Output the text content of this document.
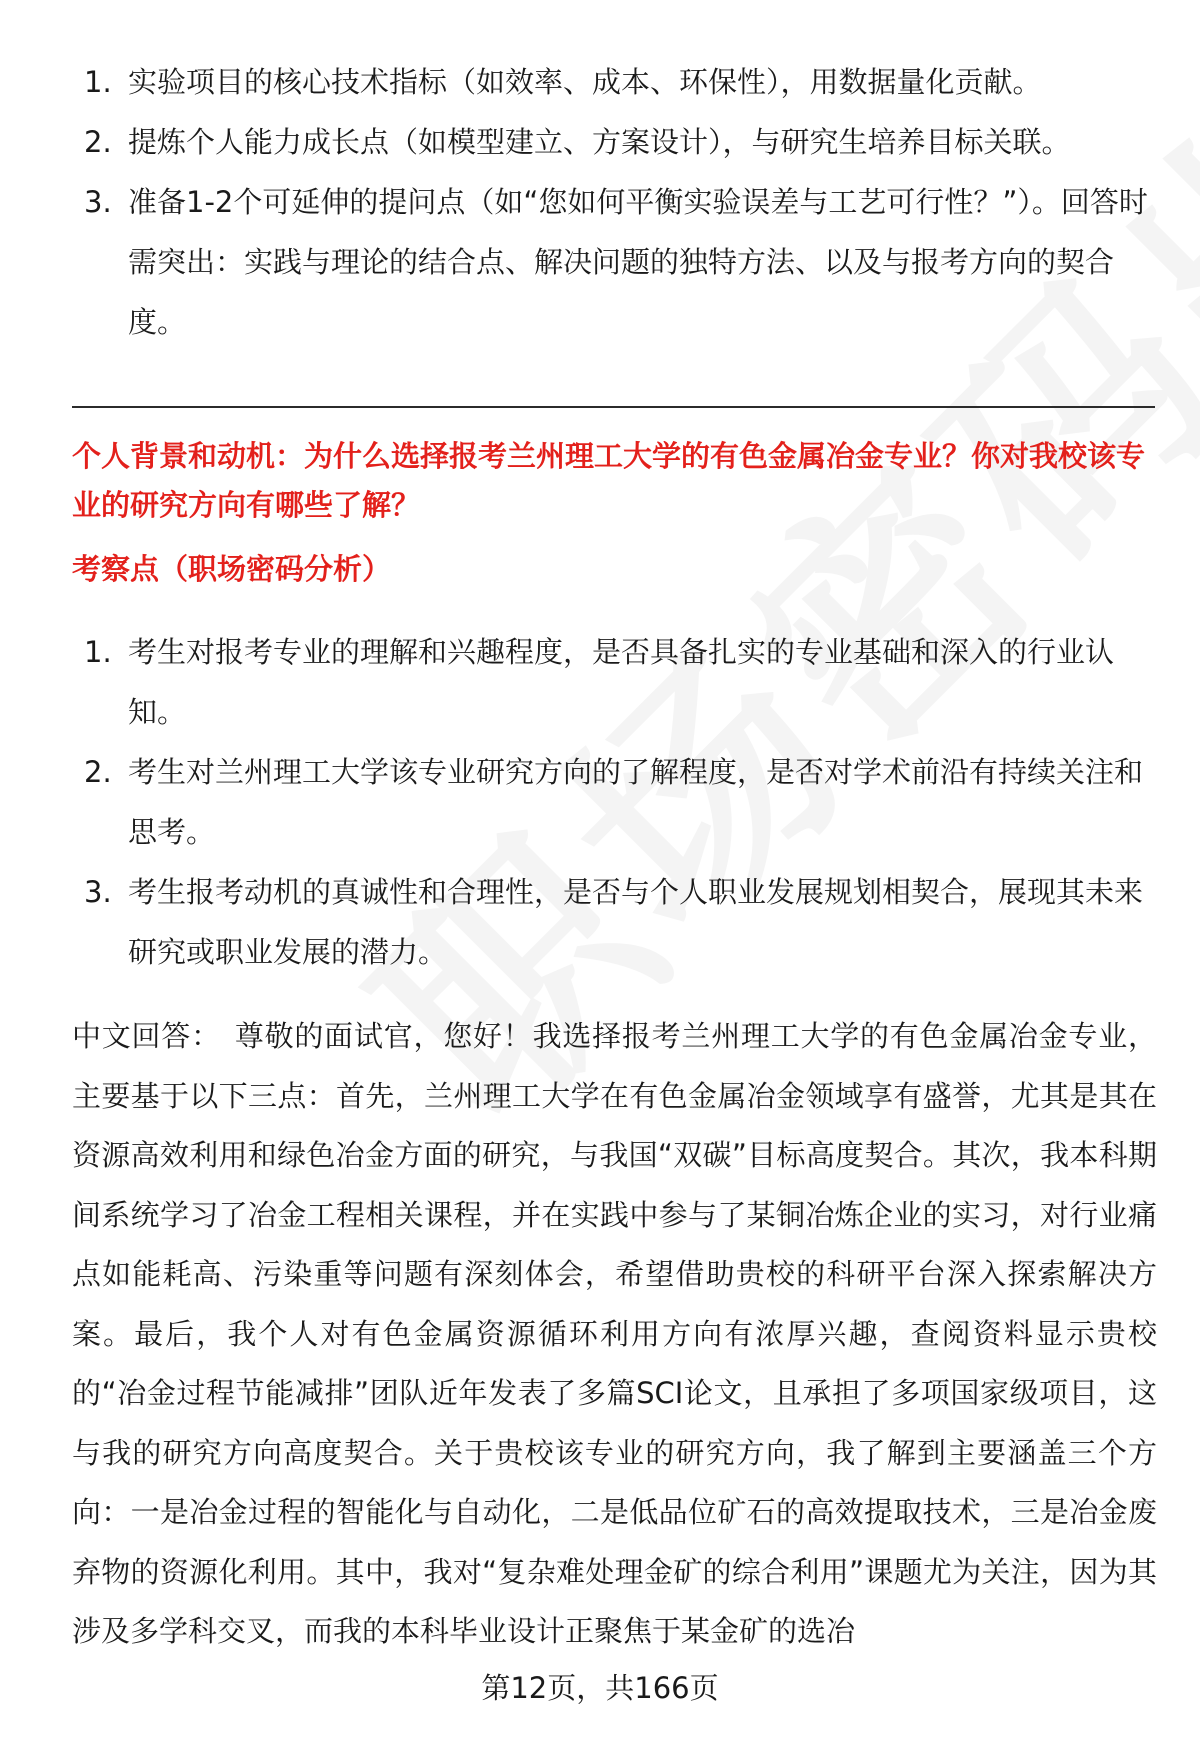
1. 实验项目的核心技术指标（如效率、成本、环保性），用数据量化贡献。
2. 提炼个人能力成长点（如模型建立、方案设计），与研究生培养目标关联。
3. 准备1-2个可延伸的提问点（如“您如何平衡实验误差与工艺可行性？”）。回答时需突出：实践与理论的结合点、解决问题的独特方法、以及与报考方向的契合度。
个人背景和动机：为什么选择报考兰州理工大学的有色金属冶金专业？你对我校该专业的研究方向有哪些了解？
考察点（职场密码分析）
1. 考生对报考专业的理解和兴趣程度，是否具备扎实的专业基础和深入的行业认知。
2. 考生对兰州理工大学该专业研究方向的了解程度，是否对学术前沿有持续关注和思考。
3. 考生报考动机的真诚性和合理性，是否与个人职业发展规划相契合，展现其未来研究或职业发展的潜力。

中文回答： 尊敬的面试官，您好！我选择报考兰州理工大学的有色金属冶金专业，主要基于以下三点：首先，兰州理工大学在有色金属冶金领域享有盛誉，尤其是其在资源高效利用和绿色冶金方面的研究，与我国“双碳”目标高度契合。其次，我本科期间系统学习了冶金工程相关课程，并在实践中参与了某铜冶炼企业的实习，对行业痛点如能耗高、污染重等问题有深刻体会，希望借助贵校的科研平台深入探索解决方案。最后，我个人对有色金属资源循环利用方向有浓厚兴趣，查阅资料显示贵校的“冶金过程节能减排”团队近年发表了多篇SCI论文，且承担了多项国家级项目，这与我的研究方向高度契合。关于贵校该专业的研究方向，我了解到主要涵盖三个方向：一是冶金过程的智能化与自动化，二是低品位矿石的高效提取技术，三是冶金废弃物的资源化利用。其中，我对“复杂难处理金矿的综合利用”课题尤为关注，因为其涉及多学科交叉，而我的本科毕业设计正聚焦于某金矿的选冶

第12页，共166页
